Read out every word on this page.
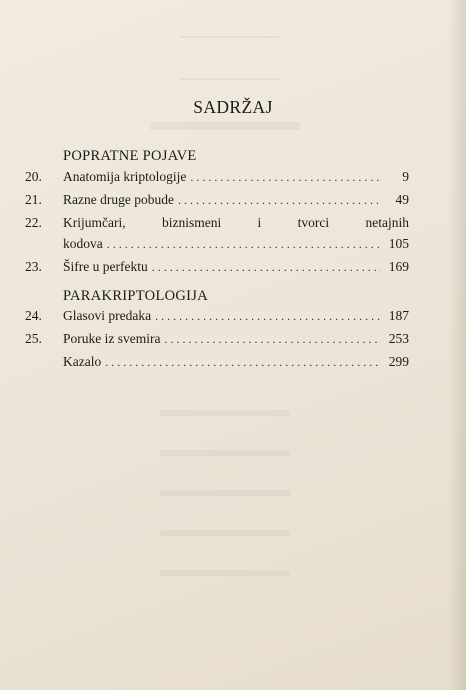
SADRŽAJ
POPRATNE POJAVE
20.	Anatomija kriptologije . . .	9
21.	Razne druge pobude . . .	49
22.	Krijumčari,	biznismeni	i	tvorci	netajnih
kodova . . .	105
23.	Šifre u perfektu . . .	169
PARAKRIPTOLOGIJA
24.	Glasovi predaka . . .	187
25.	Poruke iz svemira . . .	253
Kazalo . . .	299
